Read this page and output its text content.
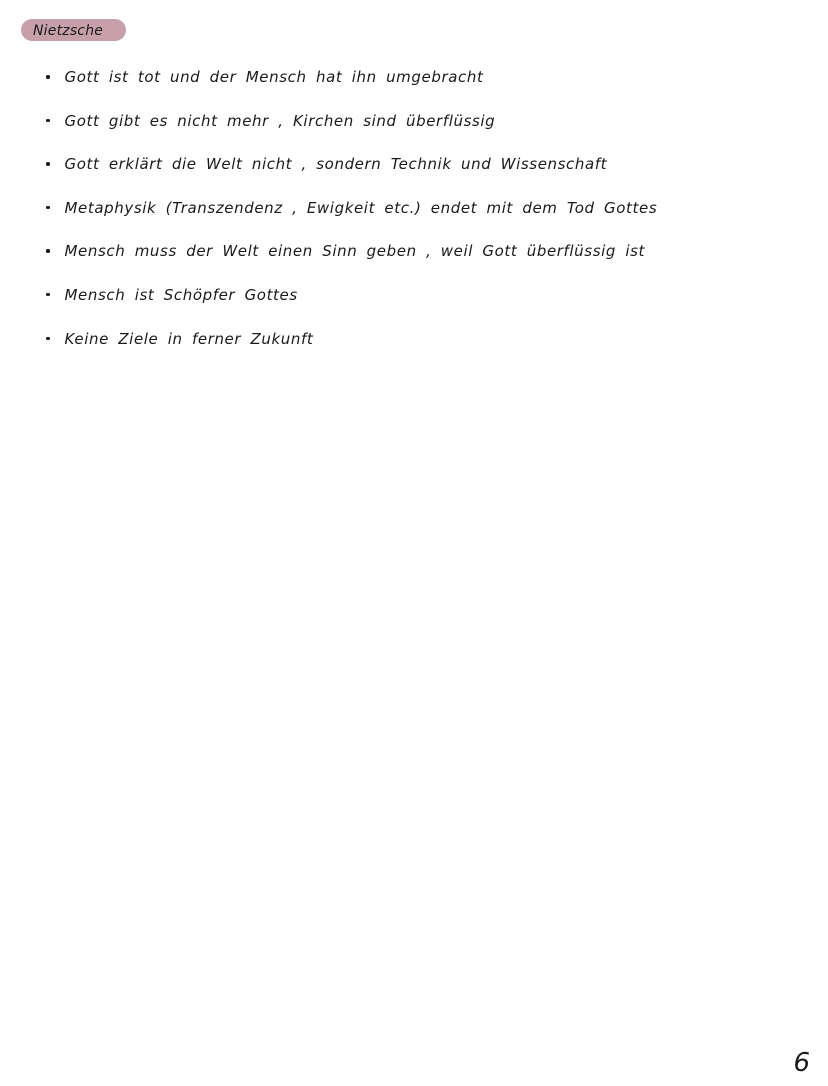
Nietzsche
Gott ist tot und der Mensch hat ihn umgebracht
Gott gibt es nicht mehr , Kirchen sind überflüssig
Gott erklärt die Welt nicht , sondern Technik und Wissenschaft
Metaphysik (Transzendenz , Ewigkeit etc.) endet mit dem Tod Gottes
Mensch muss der Welt einen Sinn geben , weil Gott überflüssig ist
Mensch ist Schöpfer Gottes
Keine Ziele in ferner Zukunft
6
